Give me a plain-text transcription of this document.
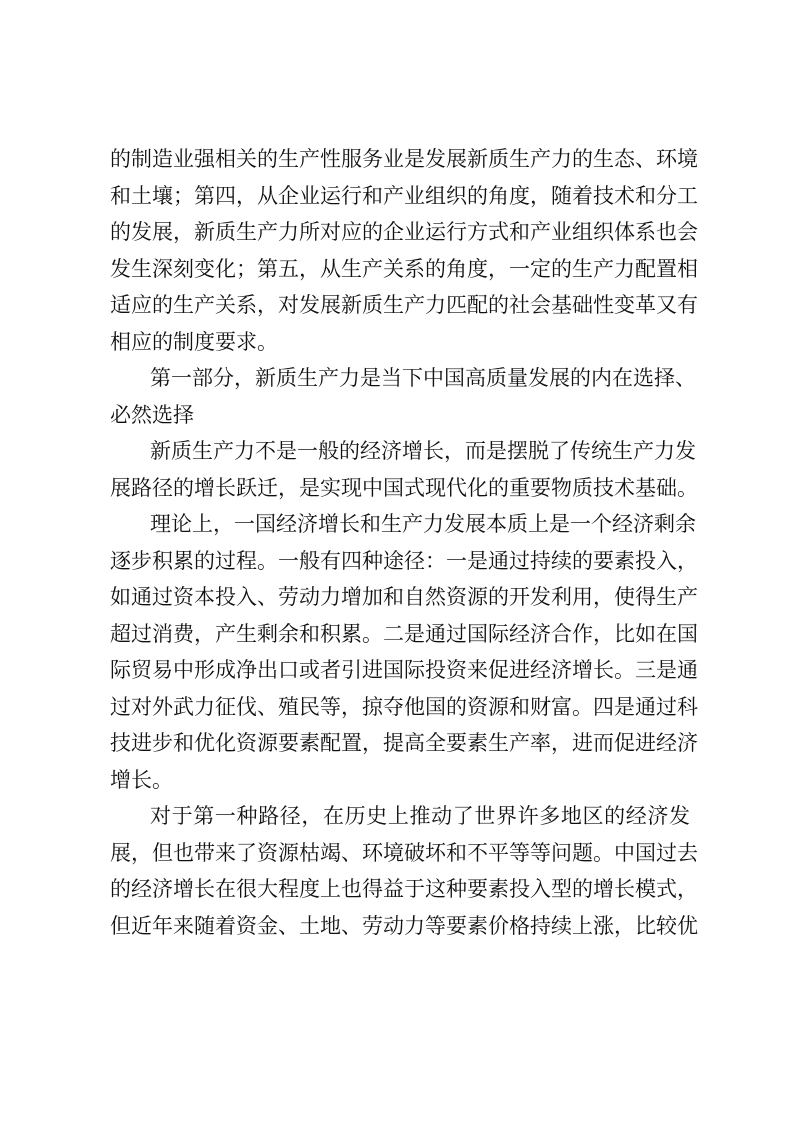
的制造业强相关的生产性服务业是发展新质生产力的生态、环境
和土壤；第四，从企业运行和产业组织的角度，随着技术和分工
的发展，新质生产力所对应的企业运行方式和产业组织体系也会
发生深刻变化；第五，从生产关系的角度，一定的生产力配置相
适应的生产关系，对发展新质生产力匹配的社会基础性变革又有
相应的制度要求。
第一部分，新质生产力是当下中国高质量发展的内在选择、
必然选择
新质生产力不是一般的经济增长，而是摆脱了传统生产力发
展路径的增长跃迁，是实现中国式现代化的重要物质技术基础。
理论上，一国经济增长和生产力发展本质上是一个经济剩余
逐步积累的过程。一般有四种途径：一是通过持续的要素投入，
如通过资本投入、劳动力增加和自然资源的开发利用，使得生产
超过消费，产生剩余和积累。二是通过国际经济合作，比如在国
际贸易中形成净出口或者引进国际投资来促进经济增长。三是通
过对外武力征伐、殖民等，掠夺他国的资源和财富。四是通过科
技进步和优化资源要素配置，提高全要素生产率，进而促进经济
增长。
对于第一种路径，在历史上推动了世界许多地区的经济发
展，但也带来了资源枯竭、环境破坏和不平等等问题。中国过去
的经济增长在很大程度上也得益于这种要素投入型的增长模式，
但近年来随着资金、土地、劳动力等要素价格持续上涨，比较优
